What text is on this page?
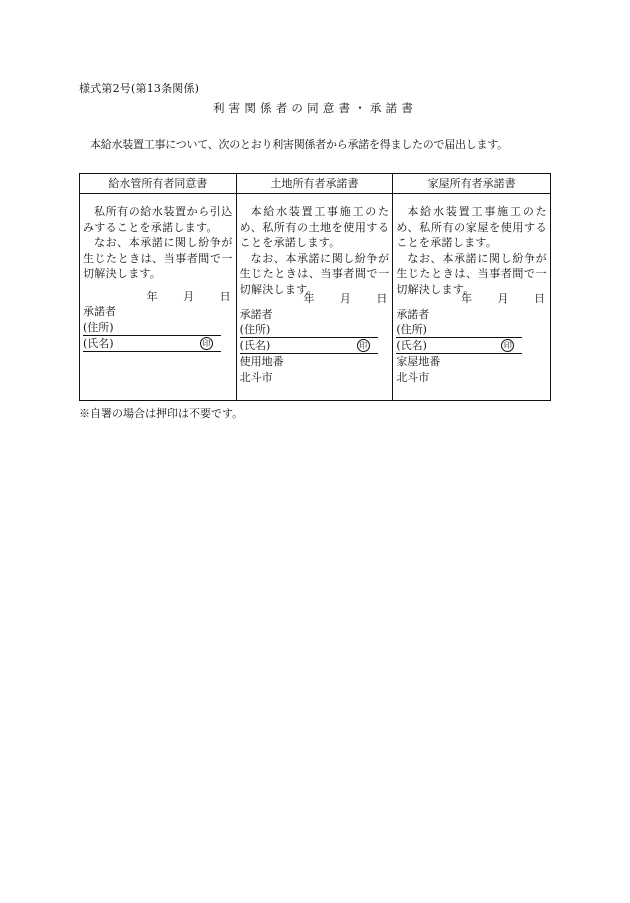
様式第2号(第13条関係)
利害関係者の同意書・承諾書
本給水装置工事について、次のとおり利害関係者から承諾を得ましたので届出します。
給水管所有者同意書
私所有の給水装置から引込みすることを承諾します。
なお、本承諾に関し紛争が生じたときは、当事者間で一切解決します。
年 月 日
承諾者
(住所)
(氏名)	印
土地所有者承諾書
本給水装置工事施工のため、私所有の土地を使用することを承諾します。
なお、本承諾に関し紛争が生じたときは、当事者間で一切解決します。
年 月 日
承諾者
(住所)
(氏名)	印
使用地番
北斗市
家屋所有者承諾書
本給水装置工事施工のため、私所有の家屋を使用することを承諾します。
なお、本承諾に関し紛争が生じたときは、当事者間で一切解決します。
年 月 日
承諾者
(住所)
(氏名)	印
家屋地番
北斗市
※自署の場合は押印は不要です。
